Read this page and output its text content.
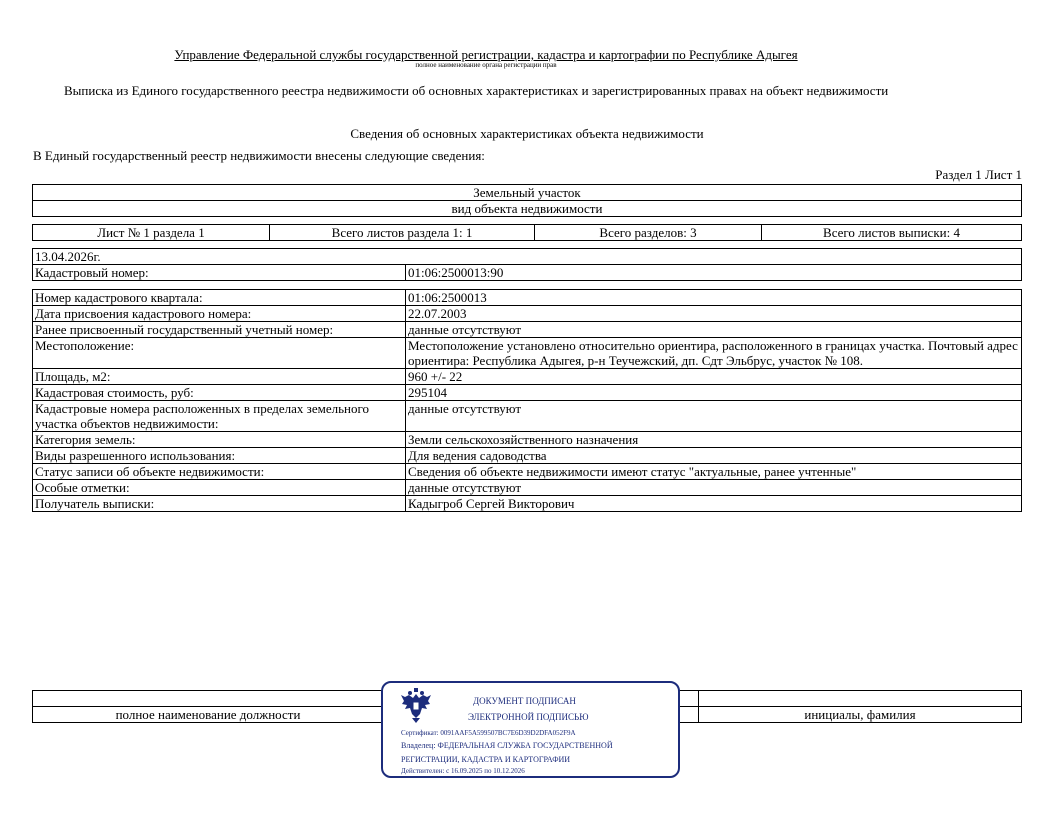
Управление Федеральной службы государственной регистрации, кадастра и картографии по Республике Адыгея
полное наименование органа регистрации прав
Выписка из Единого государственного реестра недвижимости об основных характеристиках и зарегистрированных правах на объект недвижимости
Сведения об основных характеристиках объекта недвижимости
В Единый государственный реестр недвижимости внесены следующие сведения:
Раздел 1 Лист 1
Земельный участок
вид объекта недвижимости
Лист № 1 раздела 1	Всего листов раздела 1: 1	Всего разделов: 3	Всего листов выписки: 4
13.04.2026г.
Кадастровый номер:	01:06:2500013:90
Номер кадастрового квартала:	01:06:2500013
Дата присвоения кадастрового номера:	22.07.2003
Ранее присвоенный государственный учетный номер:	данные отсутствуют
Местоположение:	Местоположение установлено относительно ориентира, расположенного в границах участка. Почтовый адрес ориентира: Республика Адыгея, р-н Теучежский, дп. Сдт Эльбрус, участок № 108.
Площадь, м2:	960 +/- 22
Кадастровая стоимость, руб:	295104
Кадастровые номера расположенных в пределах земельного участка объектов недвижимости:	данные отсутствуют
Категория земель:	Земли сельскохозяйственного назначения
Виды разрешенного использования:	Для ведения садоводства
Статус записи об объекте недвижимости:	Сведения об объекте недвижимости имеют статус "актуальные, ранее учтенные"
Особые отметки:	данные отсутствуют
Получатель выписки:	Кадыгроб Сергей Викторович

полное наименование должности		инициалы, фамилия
ДОКУМЕНТ ПОДПИСАН
ЭЛЕКТРОННОЙ ПОДПИСЬЮ
Сертификат: 0091AAF5A599507BC7E6D39D2DFA052F9A
Владелец: ФЕДЕРАЛЬНАЯ СЛУЖБА ГОСУДАРСТВЕННОЙ РЕГИСТРАЦИИ, КАДАСТРА И КАРТОГРАФИИ
Действителен: с 16.09.2025 по 10.12.2026
